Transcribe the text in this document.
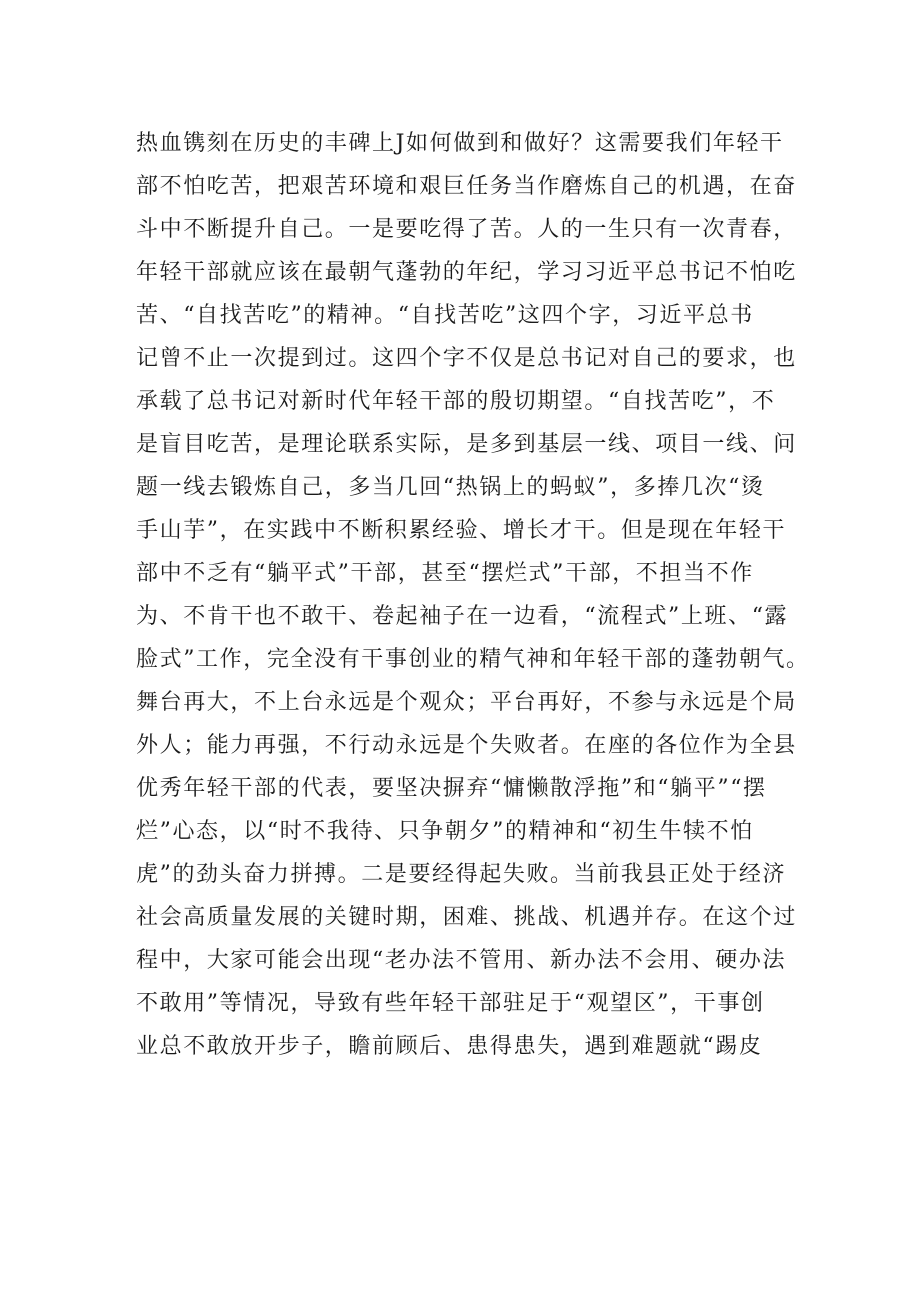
热血镌刻在历史的丰碑上J如何做到和做好？这需要我们年轻干
部不怕吃苦，把艰苦环境和艰巨任务当作磨炼自己的机遇，在奋
斗中不断提升自己。一是要吃得了苦。人的一生只有一次青春，
年轻干部就应该在最朝气蓬勃的年纪，学习习近平总书记不怕吃
苦、“自找苦吃”的精神。“自找苦吃”这四个字，习近平总书
记曾不止一次提到过。这四个字不仅是总书记对自己的要求，也
承载了总书记对新时代年轻干部的殷切期望。“自找苦吃”，不
是盲目吃苦，是理论联系实际，是多到基层一线、项目一线、问
题一线去锻炼自己，多当几回“热锅上的蚂蚁”，多捧几次“烫
手山芋”，在实践中不断积累经验、增长才干。但是现在年轻干
部中不乏有“躺平式”干部，甚至“摆烂式”干部，不担当不作
为、不肯干也不敢干、卷起袖子在一边看，“流程式”上班、“露
脸式”工作，完全没有干事创业的精气神和年轻干部的蓬勃朝气。
舞台再大，不上台永远是个观众；平台再好，不参与永远是个局
外人；能力再强，不行动永远是个失败者。在座的各位作为全县
优秀年轻干部的代表，要坚决摒弃“慵懒散浮拖”和“躺平”“摆
烂”心态，以“时不我待、只争朝夕”的精神和“初生牛犊不怕
虎”的劲头奋力拼搏。二是要经得起失败。当前我县正处于经济
社会高质量发展的关键时期，困难、挑战、机遇并存。在这个过
程中，大家可能会出现“老办法不管用、新办法不会用、硬办法
不敢用”等情况，导致有些年轻干部驻足于“观望区”，干事创
业总不敢放开步子，瞻前顾后、患得患失，遇到难题就“踢皮
